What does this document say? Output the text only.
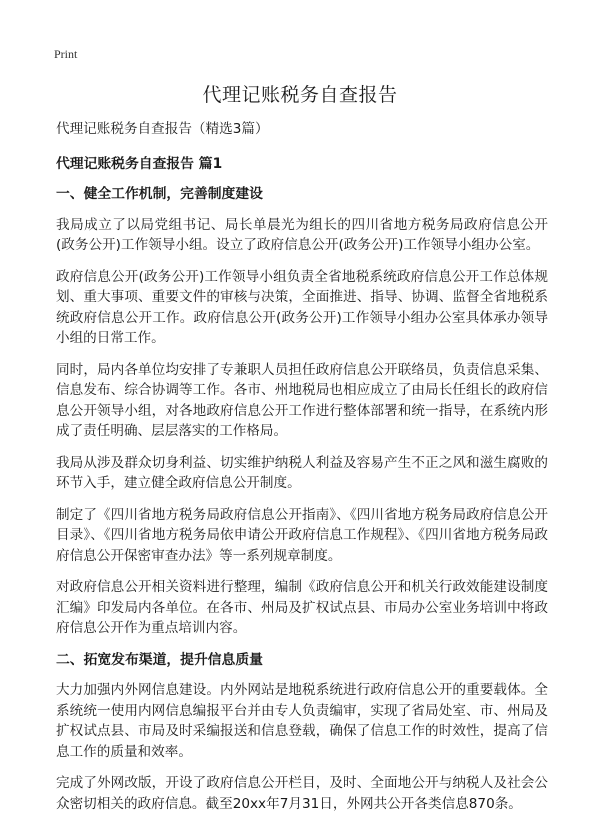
Print
代理记账税务自查报告

代理记账税务自查报告（精选3篇）

代理记账税务自查报告 篇1

一、健全工作机制，完善制度建设

我局成立了以局党组书记、局长单晨光为组长的四川省地方税务局政府信息公开(政务公开)工作领导小组。设立了政府信息公开(政务公开)工作领导小组办公室。

政府信息公开(政务公开)工作领导小组负责全省地税系统政府信息公开工作总体规划、重大事项、重要文件的审核与决策，全面推进、指导、协调、监督全省地税系统政府信息公开工作。政府信息公开(政务公开)工作领导小组办公室具体承办领导小组的日常工作。

同时，局内各单位均安排了专兼职人员担任政府信息公开联络员，负责信息采集、信息发布、综合协调等工作。各市、州地税局也相应成立了由局长任组长的政府信息公开领导小组，对各地政府信息公开工作进行整体部署和统一指导，在系统内形成了责任明确、层层落实的工作格局。

我局从涉及群众切身利益、切实维护纳税人利益及容易产生不正之风和滋生腐败的环节入手，建立健全政府信息公开制度。

制定了《四川省地方税务局政府信息公开指南》、《四川省地方税务局政府信息公开目录》、《四川省地方税务局依申请公开政府信息工作规程》、《四川省地方税务局政府信息公开保密审查办法》等一系列规章制度。

对政府信息公开相关资料进行整理，编制《政府信息公开和机关行政效能建设制度汇编》印发局内各单位。在各市、州局及扩权试点县、市局办公室业务培训中将政府信息公开作为重点培训内容。

二、拓宽发布渠道，提升信息质量

大力加强内外网信息建设。内外网站是地税系统进行政府信息公开的重要载体。全系统统一使用内网信息编报平台并由专人负责编审，实现了省局处室、市、州局及扩权试点县、市局及时采编报送和信息登载，确保了信息工作的时效性，提高了信息工作的质量和效率。

完成了外网改版，开设了政府信息公开栏目，及时、全面地公开与纳税人及社会公众密切相关的政府信息。截至20xx年7月31日，外网共公开各类信息870条。
